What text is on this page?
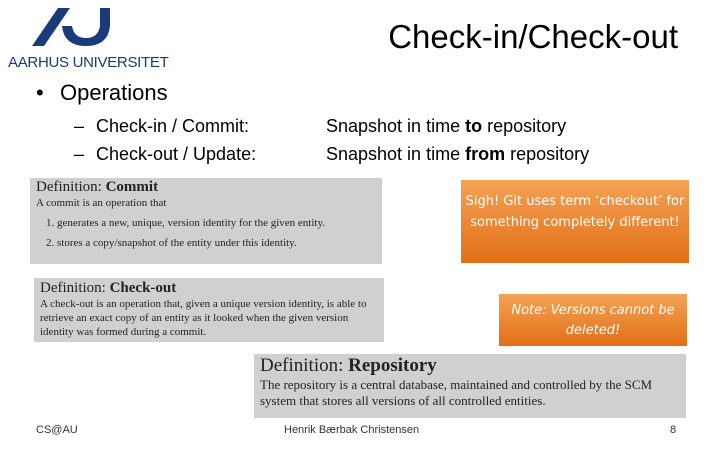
AARHUS UNIVERSITET
Check-in/Check-out
• Operations
– Check-in / Commit:
– Check-out / Update:
Snapshot in time to repository
Snapshot in time from repository
Definition: Commit
A commit is an operation that
1. generates a new, unique, version identity for the given entity.
2. stores a copy/snapshot of the entity under this identity.
Definition: Check-out
A check-out is an operation that, given a unique version identity, is able to retrieve an exact copy of an entity as it looked when the given version identity was formed during a commit.
Definition: Repository
The repository is a central database, maintained and controlled by the SCM system that stores all versions of all controlled entities.
Sigh! Git uses term ‘checkout’ for something completely different!
Note: Versions cannot be deleted!
CS@AU	Henrik Bærbak Christensen	8
